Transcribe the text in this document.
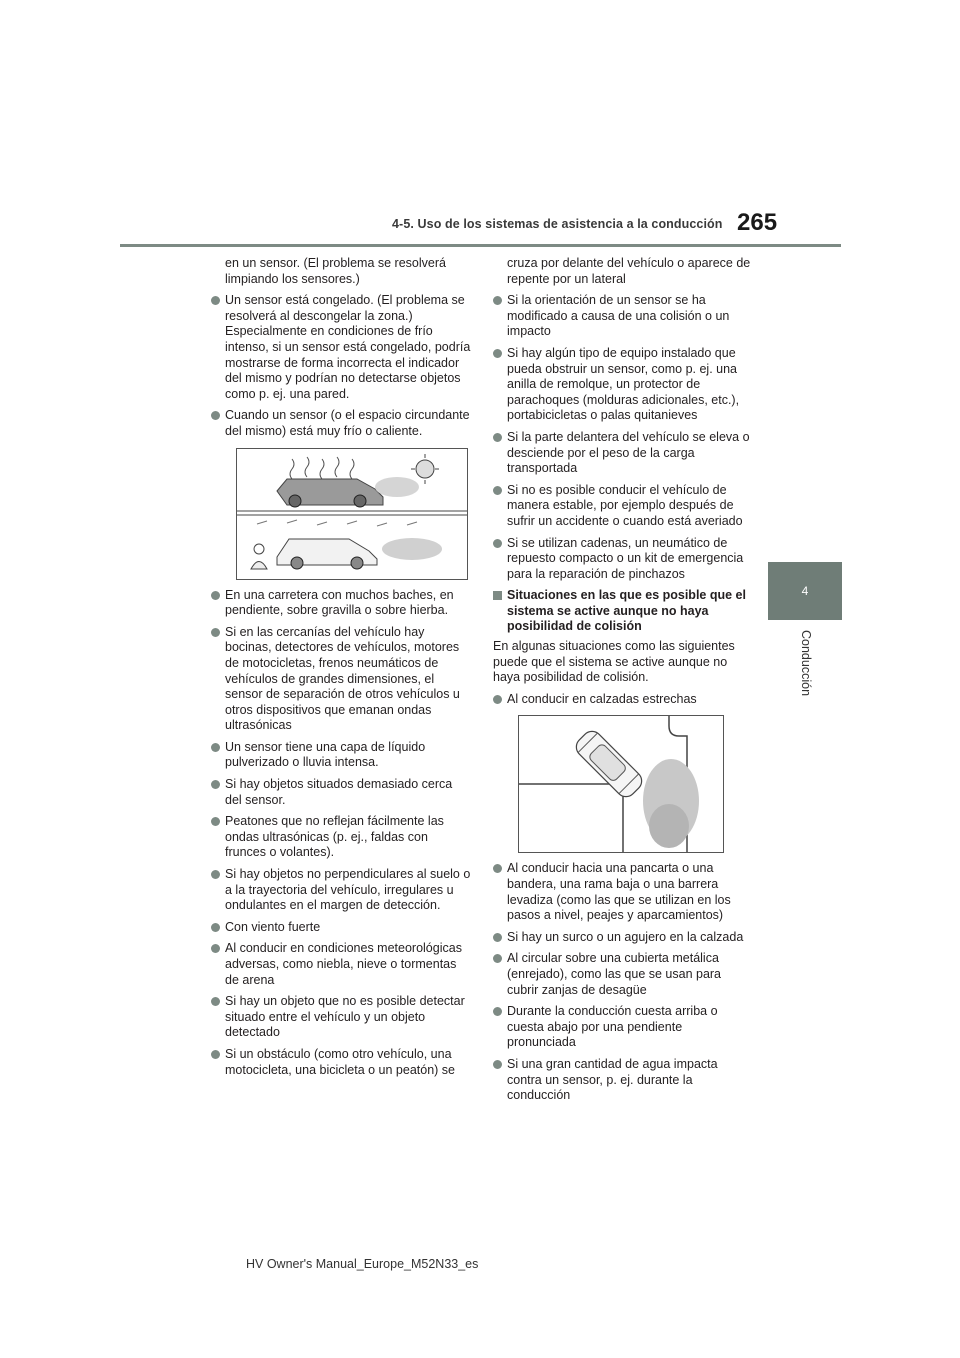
4-5. Uso de los sistemas de asistencia a la conducción 265
4
Conducción

en un sensor. (El problema se resolverá limpiando los sensores.)

Un sensor está congelado. (El problema se resolverá al descongelar la zona.) Especialmente en condiciones de frío intenso, si un sensor está congelado, podría mostrarse de forma incorrecta el indicador del mismo y podrían no detectarse objetos como p. ej. una pared.
Cuando un sensor (o el espacio circundante del mismo) está muy frío o caliente.
En una carretera con muchos baches, en pendiente, sobre gravilla o sobre hierba.
Si en las cercanías del vehículo hay bocinas, detectores de vehículos, motores de motocicletas, frenos neumáticos de vehículos de grandes dimensiones, el sensor de separación de otros vehículos u otros dispositivos que emanan ondas ultrasónicas
Un sensor tiene una capa de líquido pulverizado o lluvia intensa.
Si hay objetos situados demasiado cerca del sensor.
Peatones que no reflejan fácilmente las ondas ultrasónicas (p. ej., faldas con frunces o volantes).
Si hay objetos no perpendiculares al suelo o a la trayectoria del vehículo, irregulares u ondulantes en el margen de detección.
Con viento fuerte
Al conducir en condiciones meteorológicas adversas, como niebla, nieve o tormentas de arena
Si hay un objeto que no es posible detectar situado entre el vehículo y un objeto detectado
Si un obstáculo (como otro vehículo, una motocicleta, una bicicleta o un peatón) se

cruza por delante del vehículo o aparece de repente por un lateral

Si la orientación de un sensor se ha modificado a causa de una colisión o un impacto
Si hay algún tipo de equipo instalado que pueda obstruir un sensor, como p. ej. una anilla de remolque, un protector de parachoques (molduras adicionales, etc.), portabicicletas o palas quitanieves
Si la parte delantera del vehículo se eleva o desciende por el peso de la carga transportada
Si no es posible conducir el vehículo de manera estable, por ejemplo después de sufrir un accidente o cuando está averiado
Si se utilizan cadenas, un neumático de repuesto compacto o un kit de emergencia para la reparación de pinchazos
Situaciones en las que es posible que el sistema se active aunque no haya posibilidad de colisión

En algunas situaciones como las siguientes puede que el sistema se active aunque no haya posibilidad de colisión.

Al conducir en calzadas estrechas
Al conducir hacia una pancarta o una bandera, una rama baja o una barrera levadiza (como las que se utilizan en los pasos a nivel, peajes y aparcamientos)
Si hay un surco o un agujero en la calzada
Al circular sobre una cubierta metálica (enrejado), como las que se usan para cubrir zanjas de desagüe
Durante la conducción cuesta arriba o cuesta abajo por una pendiente pronunciada
Si una gran cantidad de agua impacta contra un sensor, p. ej. durante la conducción
HV Owner's Manual_Europe_M52N33_es
